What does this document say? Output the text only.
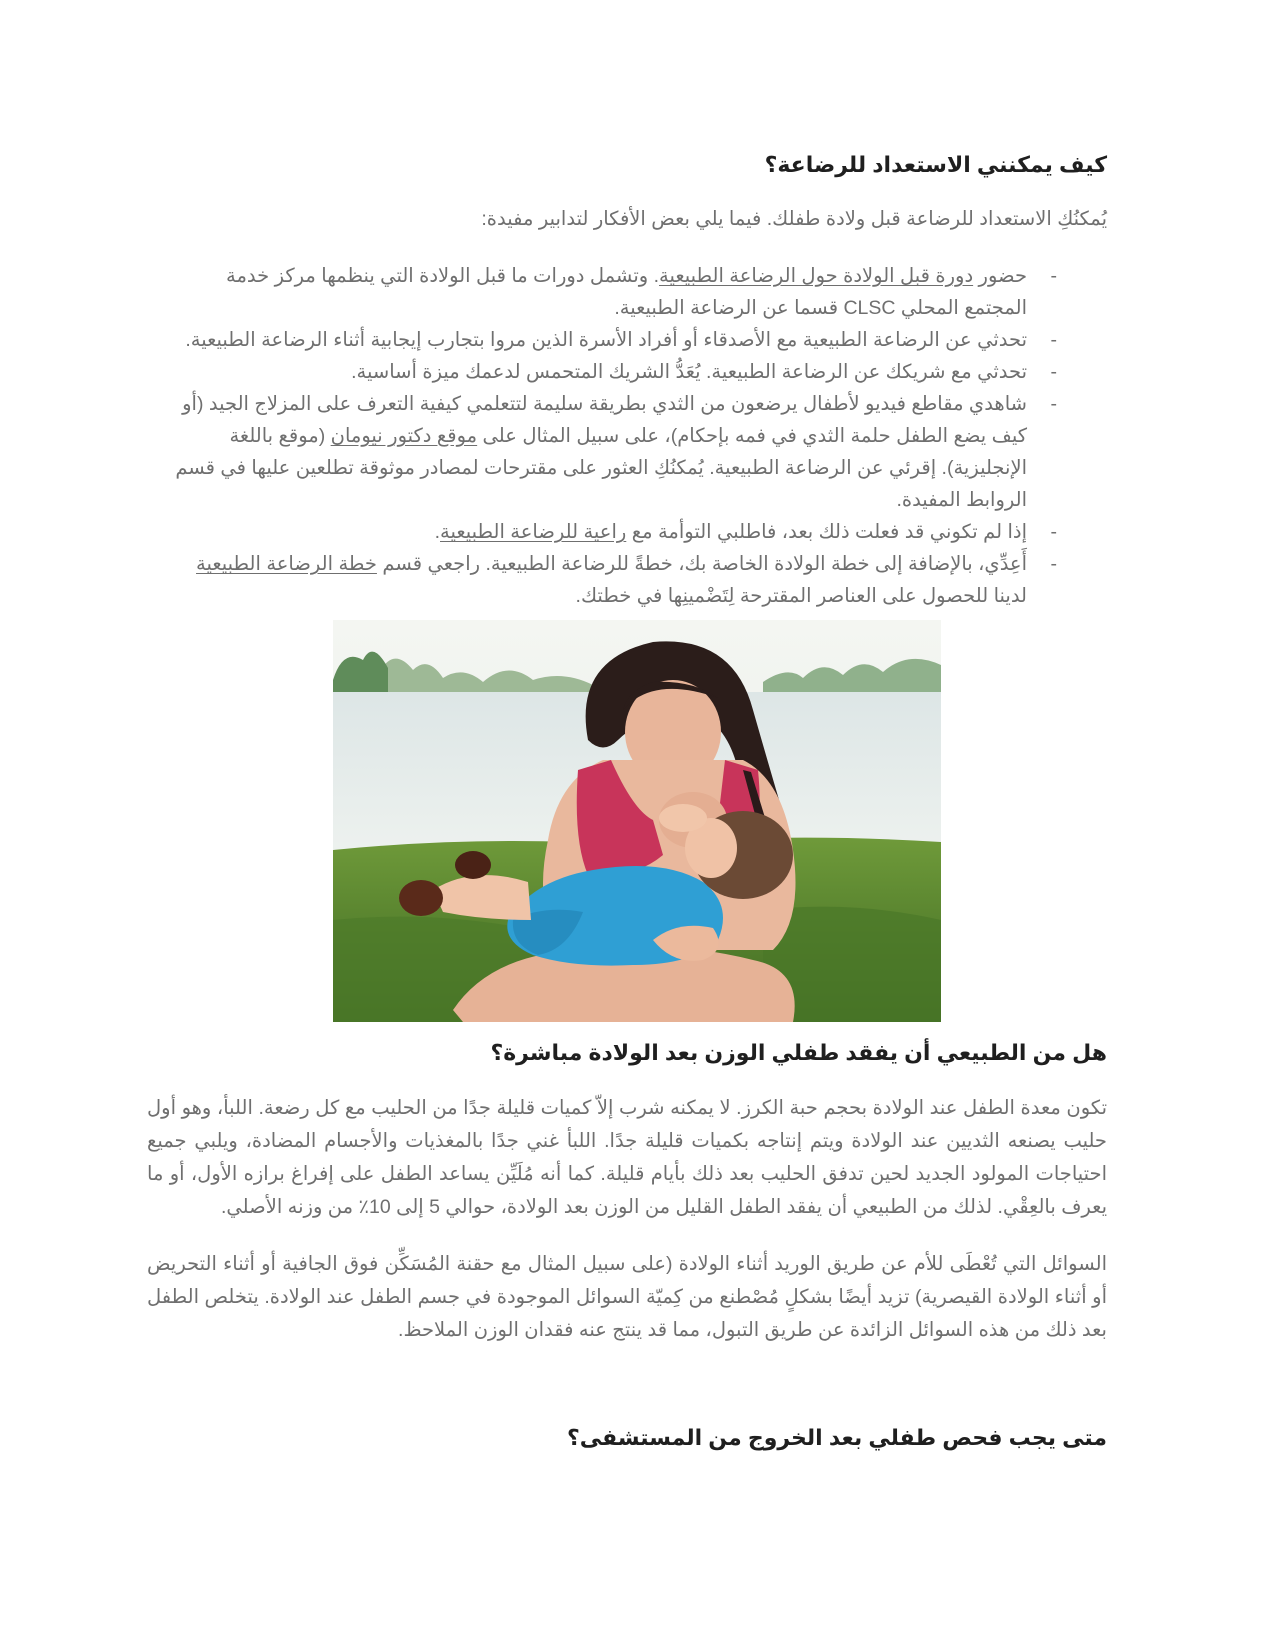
كيف يمكنني الاستعداد للرضاعة؟

يُمكنُكِ الاستعداد للرضاعة قبل ولادة طفلك. فيما يلي بعض الأفكار لتدابير مفيدة:

-
حضور دورة قبل الولادة حول الرضاعة الطبيعية. وتشمل دورات ما قبل الولادة التي ينظمها مركز خدمة المجتمع المحلي CLSC قسما عن الرضاعة الطبيعية.
-
تحدثي عن الرضاعة الطبيعية مع الأصدقاء أو أفراد الأسرة الذين مروا بتجارب إيجابية أثناء الرضاعة الطبيعية.
-
تحدثي مع شريكك عن الرضاعة الطبيعية. يُعَدُّ الشريك المتحمس لدعمك ميزة أساسية.
-
شاهدي مقاطع فيديو لأطفال يرضعون من الثدي بطريقة سليمة لتتعلمي كيفية التعرف على المزلاج الجيد (أو كيف يضع الطفل حلمة الثدي في فمه بإحكام)، على سبيل المثال على موقع دكتور نيومان (موقع باللغة الإنجليزية). إقرئي عن الرضاعة الطبيعية. يُمكنُكِ العثور على مقترحات لمصادر موثوقة تطلعين عليها في قسم الروابط المفيدة.
-
إذا لم تكوني قد فعلت ذلك بعد، فاطلبي التوأمة مع راعية للرضاعة الطبيعية.
-
أَعِدِّي، بالإضافة إلى خطة الولادة الخاصة بك، خطةً للرضاعة الطبيعية. راجعي قسم خطة الرضاعة الطبيعية لدينا للحصول على العناصر المقترحة لِتَضْمينِها في خطتك.
هل من الطبيعي أن يفقد طفلي الوزن بعد الولادة مباشرة؟

تكون معدة الطفل عند الولادة بحجم حبة الكرز. لا يمكنه شرب إلاّ كميات قليلة جدًا من الحليب مع كل رضعة. اللبأ، وهو أول حليب يصنعه الثديين عند الولادة ويتم إنتاجه بكميات قليلة جدًا. اللبأ غني جدًا بالمغذيات والأجسام المضادة، ويلبي جميع احتياجات المولود الجديد لحين تدفق الحليب بعد ذلك بأيام قليلة. كما أنه مُلَيِّن يساعد الطفل على إفراغ برازه الأول، أو ما يعرف بالعِقْي. لذلك من الطبيعي أن يفقد الطفل القليل من الوزن بعد الولادة، حوالي 5 إلى 10٪ من وزنه الأصلي.

السوائل التي تُعْطَى للأم عن طريق الوريد أثناء الولادة (على سبيل المثال مع حقنة المُسَكِّن فوق الجافية أو أثناء التحريض أو أثناء الولادة القيصرية) تزيد أيضًا بشكلٍ مُصْطنع من كِميّة السوائل الموجودة في جسم الطفل عند الولادة. يتخلص الطفل بعد ذلك من هذه السوائل الزائدة عن طريق التبول، مما قد ينتج عنه فقدان الوزن الملاحظ.

متى يجب فحص طفلي بعد الخروج من المستشفى؟
